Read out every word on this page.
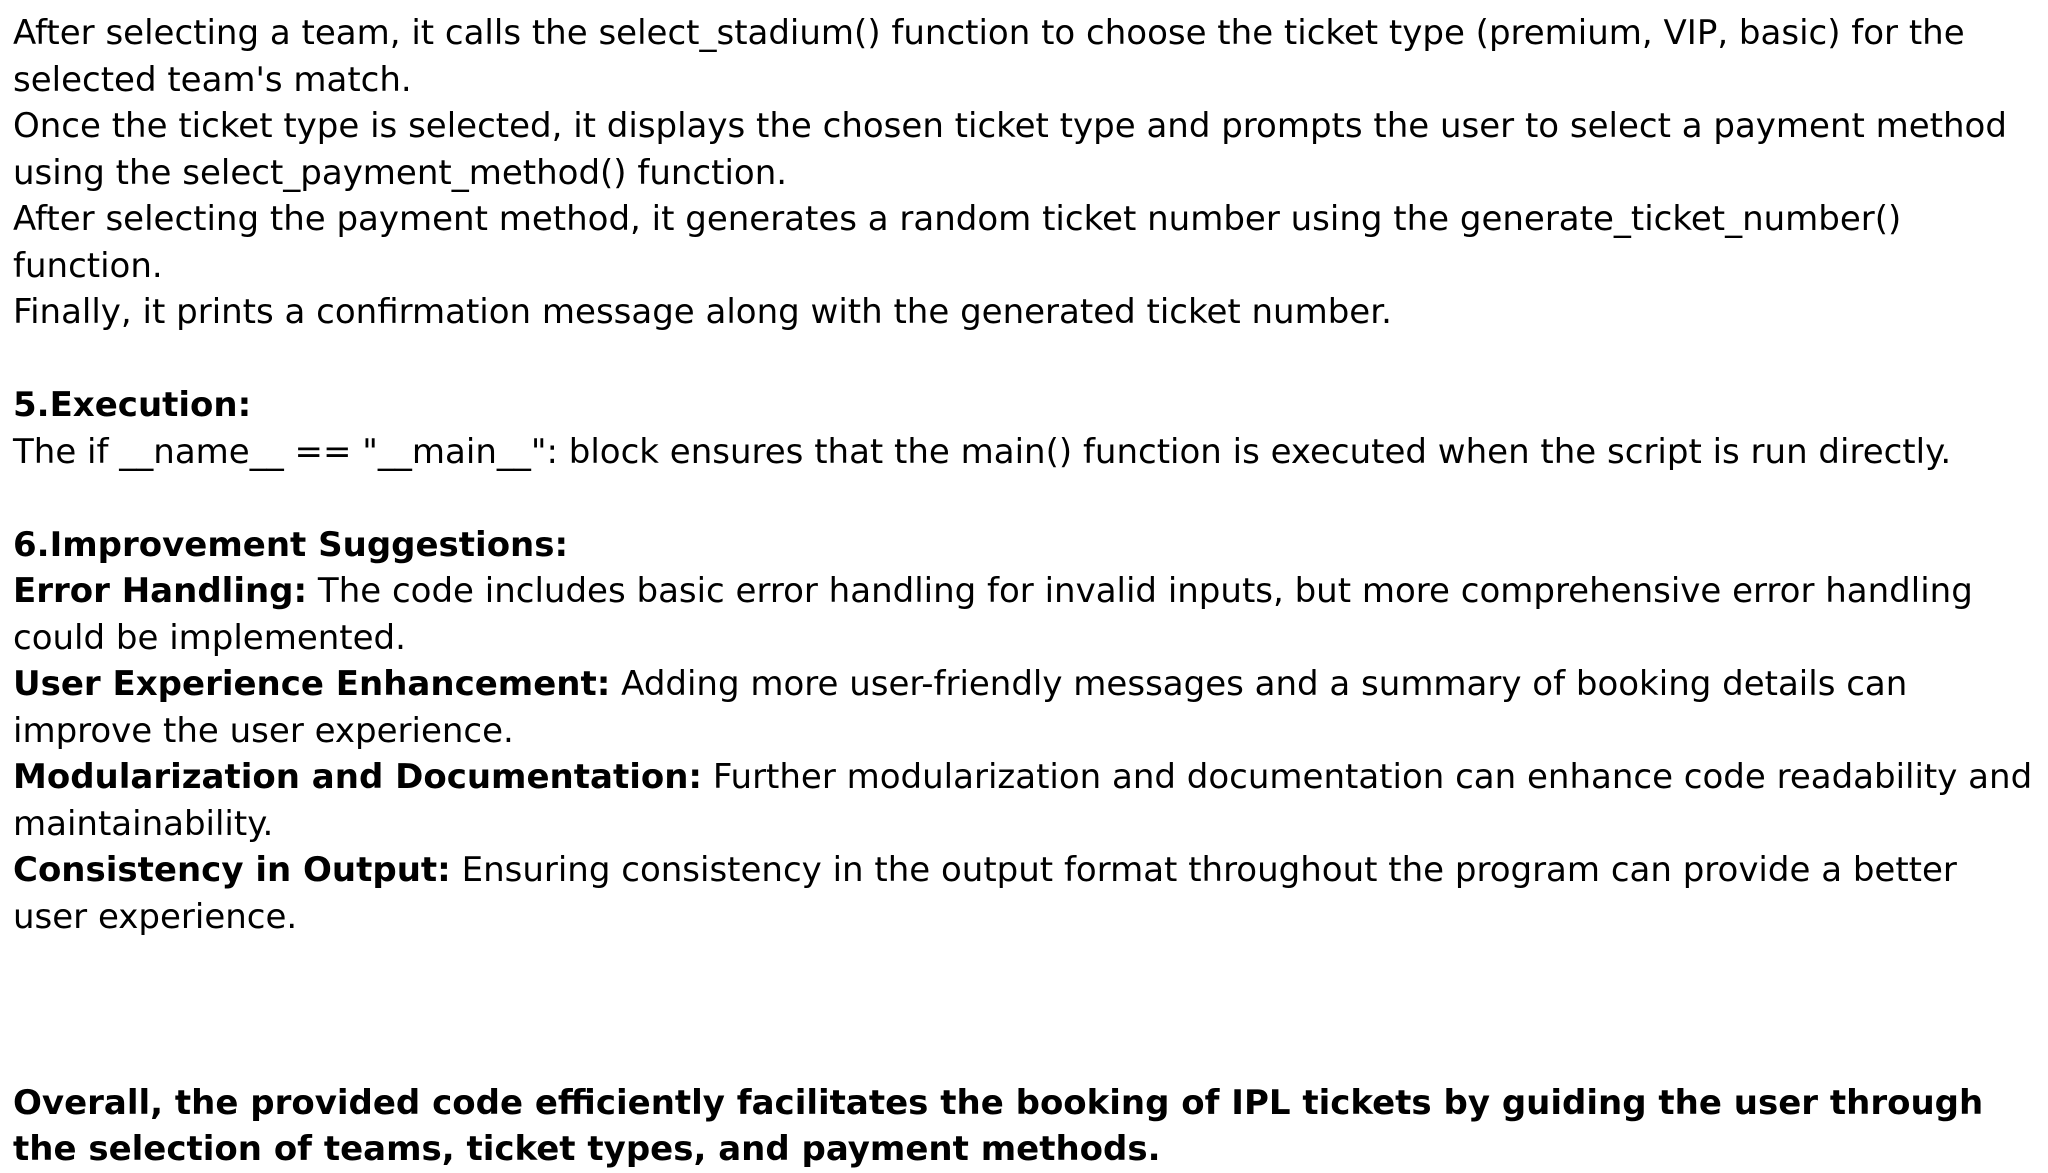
After selecting a team, it calls the select_stadium() function to choose the ticket type (premium, VIP, basic) for the selected team's match.

Once the ticket type is selected, it displays the chosen ticket type and prompts the user to select a payment method using the select_payment_method() function.

After selecting the payment method, it generates a random ticket number using the generate_ticket_number() function.

Finally, it prints a confirmation message along with the generated ticket number.

5.Execution:

The if __name__ == "__main__": block ensures that the main() function is executed when the script is run directly.

6.Improvement Suggestions:

Error Handling: The code includes basic error handling for invalid inputs, but more comprehensive error handling could be implemented.

User Experience Enhancement: Adding more user-friendly messages and a summary of booking details can improve the user experience.

Modularization and Documentation: Further modularization and documentation can enhance code readability and maintainability.

Consistency in Output: Ensuring consistency in the output format throughout the program can provide a better user experience.

Overall, the provided code efficiently facilitates the booking of IPL tickets by guiding the user through the selection of teams, ticket types, and payment methods.
